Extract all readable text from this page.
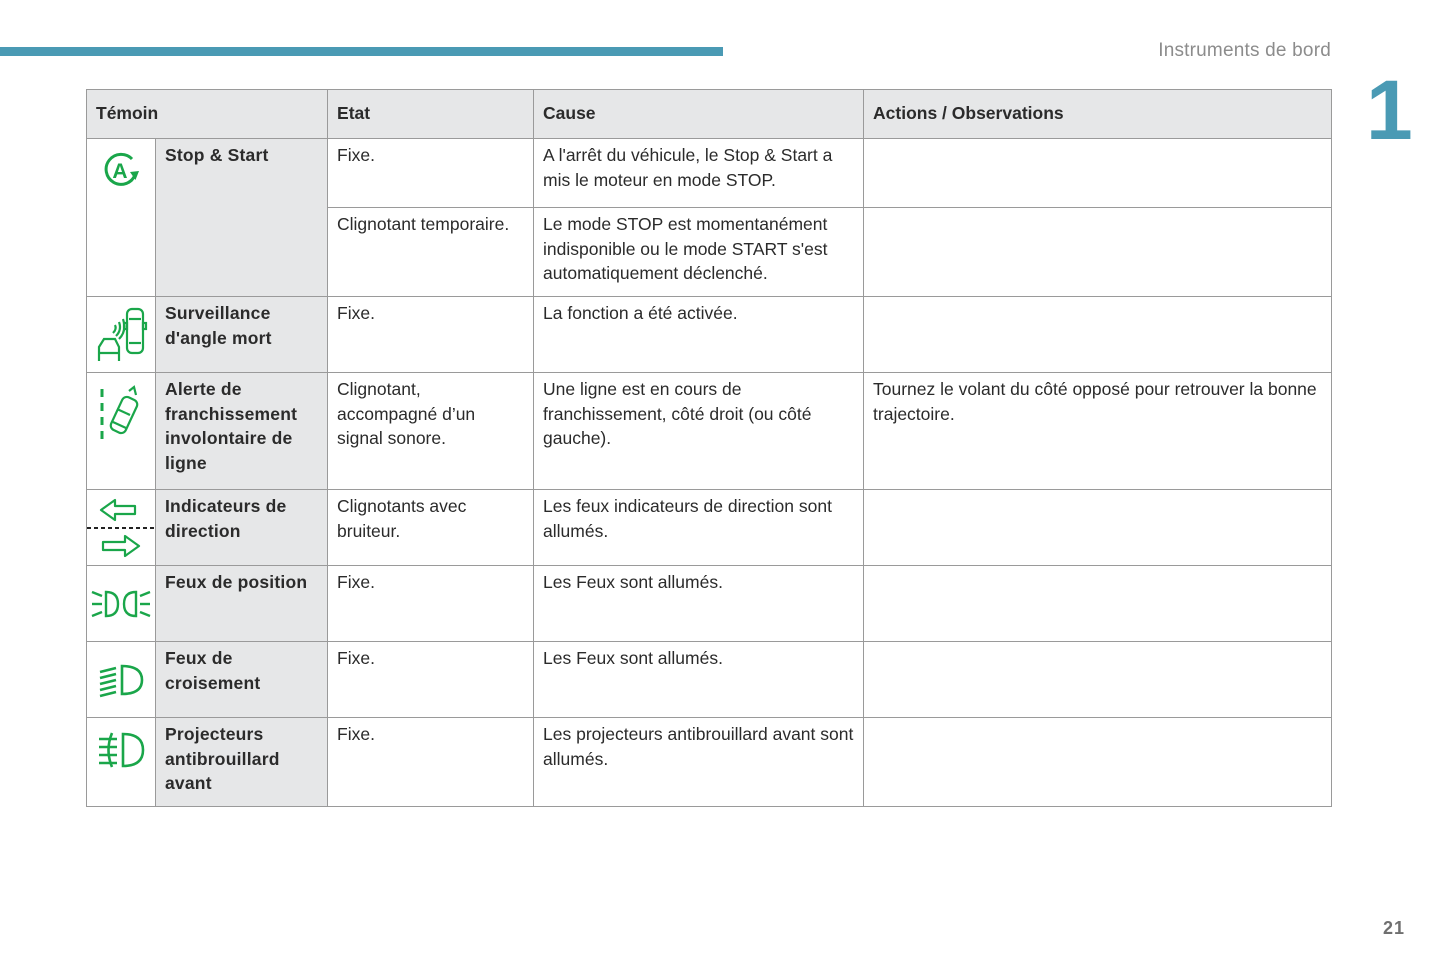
Instruments de bord
1
Témoin		Etat	Cause	Actions / Observations

A	Stop & Start	Fixe.	A l'arrêt du véhicule, le Stop & Start a mis le moteur en mode STOP.	
		Clignotant temporaire.	Le mode STOP est momentanément indisponible ou le mode START s'est automatiquement déclenché.	

	Surveillance d'angle mort	Fixe.	La fonction a été activée.	

	Alerte de franchissement involontaire de ligne	Clignotant, accompagné d’un signal sonore.	Une ligne est en cours de franchissement, côté droit (ou côté gauche).	Tournez le volant du côté opposé pour retrouver la bonne trajectoire.

	Indicateurs de direction	Clignotants avec bruiteur.	Les feux indicateurs de direction sont allumés.	

	Feux de position	Fixe.	Les Feux sont allumés.	

	Feux de croisement	Fixe.	Les Feux sont allumés.	

	Projecteurs antibrouillard avant	Fixe.	Les projecteurs antibrouillard avant sont allumés.	
21
